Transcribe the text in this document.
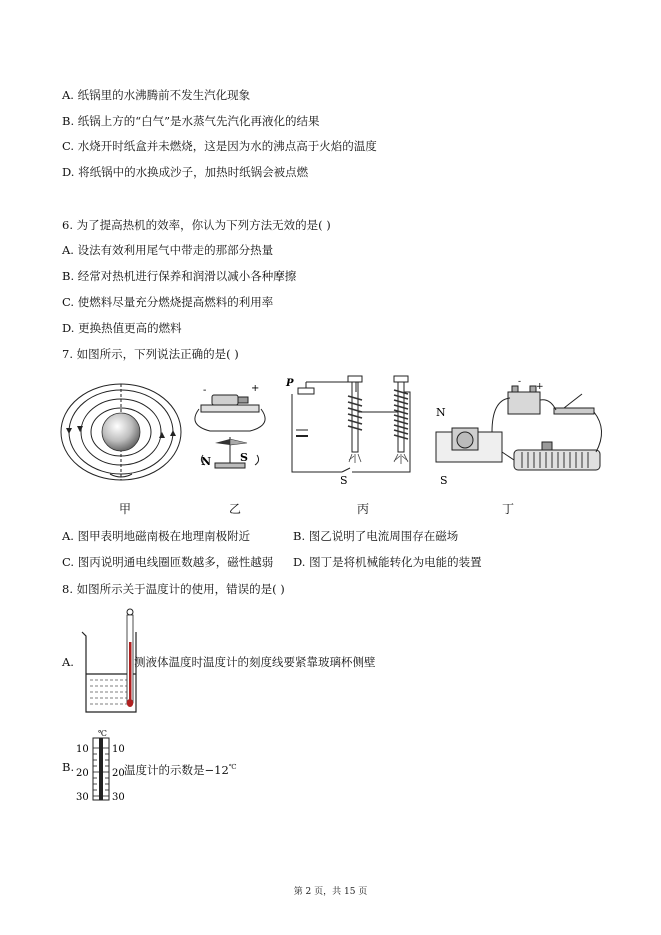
A. 纸锅里的水沸腾前不发生汽化现象
B. 纸锅上方的“白气”是水蒸气先汽化再液化的结果
C. 水烧开时纸盒并未燃烧，这是因为水的沸点高于火焰的温度
D. 将纸锅中的水换成沙子，加热时纸锅会被点燃
6. 为了提高热机的效率，你认为下列方法无效的是( )
A. 设法有效利用尾气中带走的那部分热量
B. 经常对热机进行保养和润滑以减小各种摩擦
C. 使燃料尽量充分燃烧提高燃料的利用率
D. 更换热值更高的燃料
7. 如图所示，下列说法正确的是( )
+
-
N	S
P
S
N
S
- +
甲	乙	丙	丁
A. 图甲表明地磁南极在地理南极附近	B. 图乙说明了电流周围存在磁场
C. 图丙说明通电线圈匝数越多，磁性越弱 D. 图丁是将机械能转化为电能的装置
8. 如图所示关于温度计的使用，错误的是( )
A.	测液体温度时温度计的刻度线要紧靠玻璃杯侧壁
B.
℃
10
20
30
10
20
30
温度计的示数是−12℃
第 2 页，共 15 页
